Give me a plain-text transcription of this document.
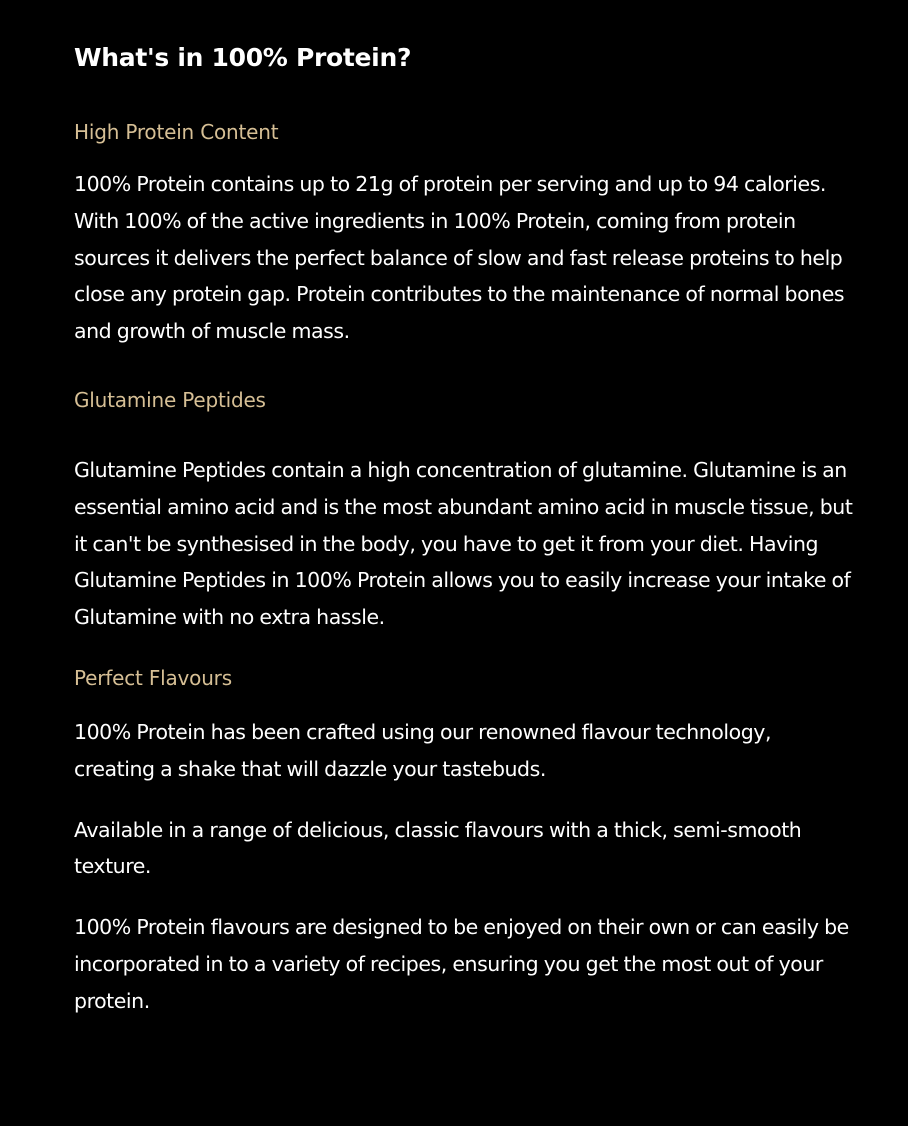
What's in 100% Protein?
High Protein Content

100% Protein contains up to 21g of protein per serving and up to 94 calories. With 100% of the active ingredients in 100% Protein, coming from protein sources it delivers the perfect balance of slow and fast release proteins to help close any protein gap. Protein contributes to the maintenance of normal bones and growth of muscle mass.

Glutamine Peptides

Glutamine Peptides contain a high concentration of glutamine. Glutamine is an essential amino acid and is the most abundant amino acid in muscle tissue, but it can't be synthesised in the body, you have to get it from your diet. Having Glutamine Peptides in 100% Protein allows you to easily increase your intake of Glutamine with no extra hassle.

Perfect Flavours

100% Protein has been crafted using our renowned flavour technology, creating a shake that will dazzle your tastebuds.

Available in a range of delicious, classic flavours with a thick, semi-smooth texture.

100% Protein flavours are designed to be enjoyed on their own or can easily be incorporated in to a variety of recipes, ensuring you get the most out of your protein.
